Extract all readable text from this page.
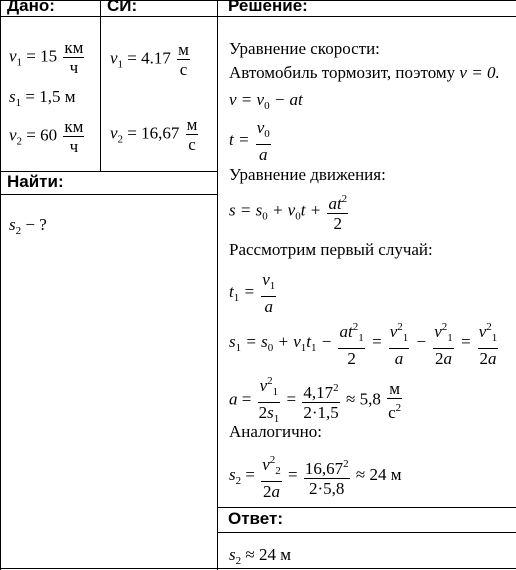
Дано:	СИ:	Решение:
Найти:
Ответ:
$v_1 = 15$ км
ч
$s_1 = 1,5$ м
$v_2 = 60$ км
ч
$s_2$ − ?
$v_1 = 4.17$ м
с
$v_2 = 16,67$ м
с
Уравнение скорости:
Автомобиль тормозит, поэтому v = 0.
$v = v_0$ − at
$t = \frac{v_0}{a}$
Уравнение движения:
$s = s_0 + v_0t + \frac{at^2}{2}$
Рассмотрим первый случай:
$t_1 = \frac{v_1}{a}$
$s_1 = s_0 + v_1t_1 - \frac{at^2_1}{2} = \frac{v^2_1}{a} - \frac{v^2_1}{2a} = \frac{v^2_1}{2a}$
$a = \frac{v^2_1}{2s_1} = \frac{4,17^2}{2\cdot 1,5} \approx 5,8$
м
$с^2$
Аналогично:
$s_2 = \frac{v^2_2}{2a} = \frac{16,67^2}{2\cdot 5,8} \approx 24$ м
$s_2 \approx 24$ м
